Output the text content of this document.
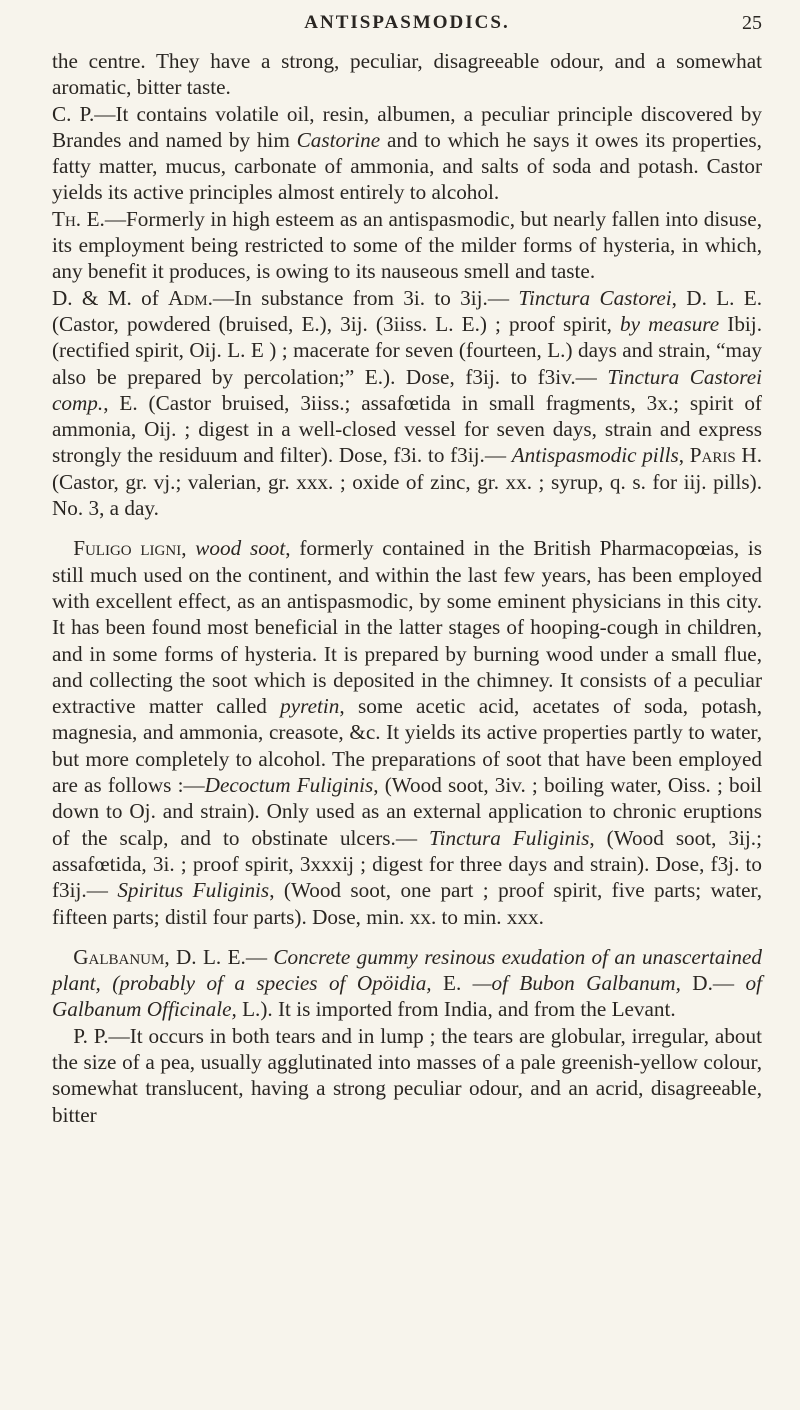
ANTISPASMODICS.	25

the centre. They have a strong, peculiar, disagreeable odour, and a somewhat aromatic, bitter taste.

C. P.—It contains volatile oil, resin, albumen, a peculiar principle discovered by Brandes and named by him Castorine and to which he says it owes its properties, fatty matter, mucus, carbonate of ammonia, and salts of soda and potash. Castor yields its active principles almost entirely to alcohol.

Th. E.—Formerly in high esteem as an antispasmodic, but nearly fallen into disuse, its employment being restricted to some of the milder forms of hysteria, in which, any benefit it produces, is owing to its nauseous smell and taste.

D. & M. of Adm.—In substance from 3i. to 3ij.— Tinctura Castorei, D. L. E. (Castor, powdered (bruised, E.), 3ij. (3iiss. L. E.) ; proof spirit, by measure Ibij. (rectified spirit, Oij. L. E ) ; macerate for seven (fourteen, L.) days and strain, “may also be prepared by percolation;” E.). Dose, f3ij. to f3iv.— Tinctura Castorei comp., E. (Castor bruised, 3iiss.; assafœtida in small fragments, 3x.; spirit of ammonia, Oij. ; digest in a well-closed vessel for seven days, strain and express strongly the residuum and filter). Dose, f3i. to f3ij.— Antispasmodic pills, Paris H. (Castor, gr. vj.; valerian, gr. xxx. ; oxide of zinc, gr. xx. ; syrup, q. s. for iij. pills). No. 3, a day.

 Fuligo ligni, wood soot, formerly contained in the British Pharmacopœias, is still much used on the continent, and within the last few years, has been employed with excellent effect, as an antispasmodic, by some eminent physicians in this city. It has been found most beneficial in the latter stages of hooping-cough in children, and in some forms of hysteria. It is prepared by burning wood under a small flue, and collecting the soot which is deposited in the chimney. It consists of a peculiar extractive matter called pyretin, some acetic acid, acetates of soda, potash, magnesia, and ammonia, creasote, &c. It yields its active properties partly to water, but more completely to alcohol. The preparations of soot that have been employed are as follows :—Decoctum Fuliginis, (Wood soot, 3iv. ; boiling water, Oiss. ; boil down to Oj. and strain). Only used as an external application to chronic eruptions of the scalp, and to obstinate ulcers.— Tinctura Fuliginis, (Wood soot, 3ij.; assafœtida, 3i. ; proof spirit, 3xxxij ; digest for three days and strain). Dose, f3j. to f3ij.— Spiritus Fuliginis, (Wood soot, one part ; proof spirit, five parts; water, fifteen parts; distil four parts). Dose, min. xx. to min. xxx.

 Galbanum, D. L. E.— Concrete gummy resinous exudation of an unascertained plant, (probably of a species of Opöidia, E. —of Bubon Galbanum, D.— of Galbanum Officinale, L.). It is imported from India, and from the Levant.

 P. P.—It occurs in both tears and in lump ; the tears are globular, irregular, about the size of a pea, usually agglutinated into masses of a pale greenish-yellow colour, somewhat translucent, having a strong peculiar odour, and an acrid, disagreeable, bitter
